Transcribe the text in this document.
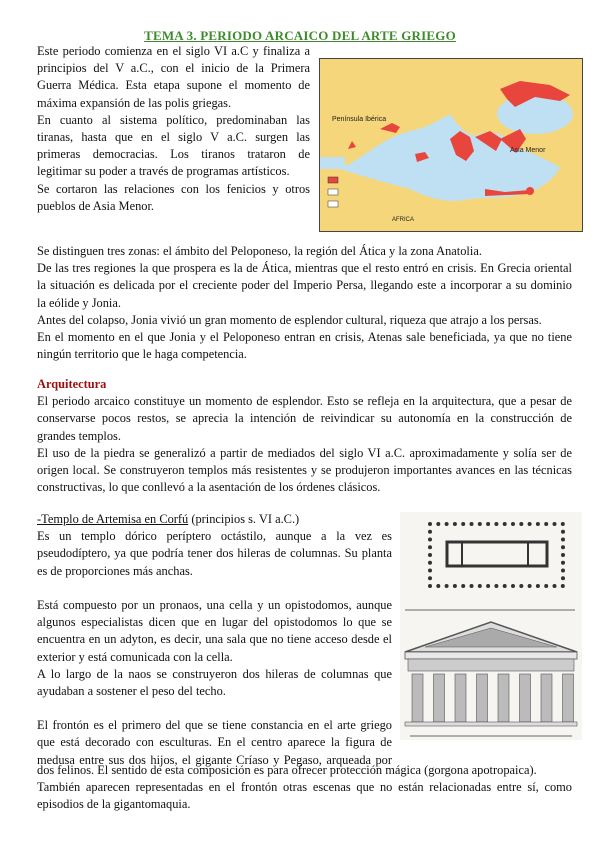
TEMA 3. PERIODO ARCAICO DEL ARTE GRIEGO
Este periodo comienza en el siglo VI a.C y finaliza a
principios del V a.C., con el inicio de la Primera
Guerra Médica. Esta etapa supone el momento de
máxima expansión de las polis griegas.
En cuanto al sistema político, predominaban las
tiranas, hasta que en el siglo V a.C. surgen las
primeras democracias. Los tiranos trataron de
legitimar su poder a través de programas artísticos.
Se cortaron las relaciones con los fenicios y otros
pueblos de Asia Menor.
Península Ibérica
Asia Menor
AFRICA
Se distinguen tres zonas: el ámbito del Peloponeso, la región del Ática y la zona Anatolia.
De las tres regiones la que prospera es la de Ática, mientras que el resto entró en crisis. En Grecia oriental
la situación es delicada por el creciente poder del Imperio Persa, llegando este a incorporar a su dominio
la eólide y Jonia.
Antes del colapso, Jonia vivió un gran momento de esplendor cultural, riqueza que atrajo a los persas.
En el momento en el que Jonia y el Peloponeso entran en crisis, Atenas sale beneficiada, ya que no tiene
ningún territorio que le haga competencia.
Arquitectura
El periodo arcaico constituye un momento de esplendor. Esto se refleja en la arquitectura, que a pesar de
conservarse pocos restos, se aprecia la intención de reivindicar su autonomía en la construcción de
grandes templos.
El uso de la piedra se generalizó a partir de mediados del siglo VI a.C. aproximadamente y solía ser de
origen local. Se construyeron templos más resistentes y se produjeron importantes avances en las técnicas
constructivas, lo que conllevó a la asentación de los órdenes clásicos.
-Templo de Artemisa en Corfú (principios s. VI a.C.)
Es un templo dórico períptero octástilo, aunque a la vez es
pseudodíptero, ya que podría tener dos hileras de columnas. Su planta
es de proporciones más anchas.
Está compuesto por un pronaos, una cella y un opistodomos, aunque
algunos especialistas dicen que en lugar del opistodomos lo que se
encuentra en un adyton, es decir, una sala que no tiene acceso desde el
exterior y está comunicada con la cella.
A lo largo de la naos se construyeron dos hileras de columnas que
ayudaban a sostener el peso del techo.
El frontón es el primero del que se tiene constancia en el arte griego
que está decorado con esculturas. En el centro aparece la figura de
medusa entre sus dos hijos, el gigante Críaso y Pegaso, arqueada por
dos felinos. El sentido de esta composición es para ofrecer protección mágica (gorgona apotropaica).
También aparecen representadas en el frontón otras escenas que no están relacionadas entre sí, como
episodios de la gigantomaquia.
